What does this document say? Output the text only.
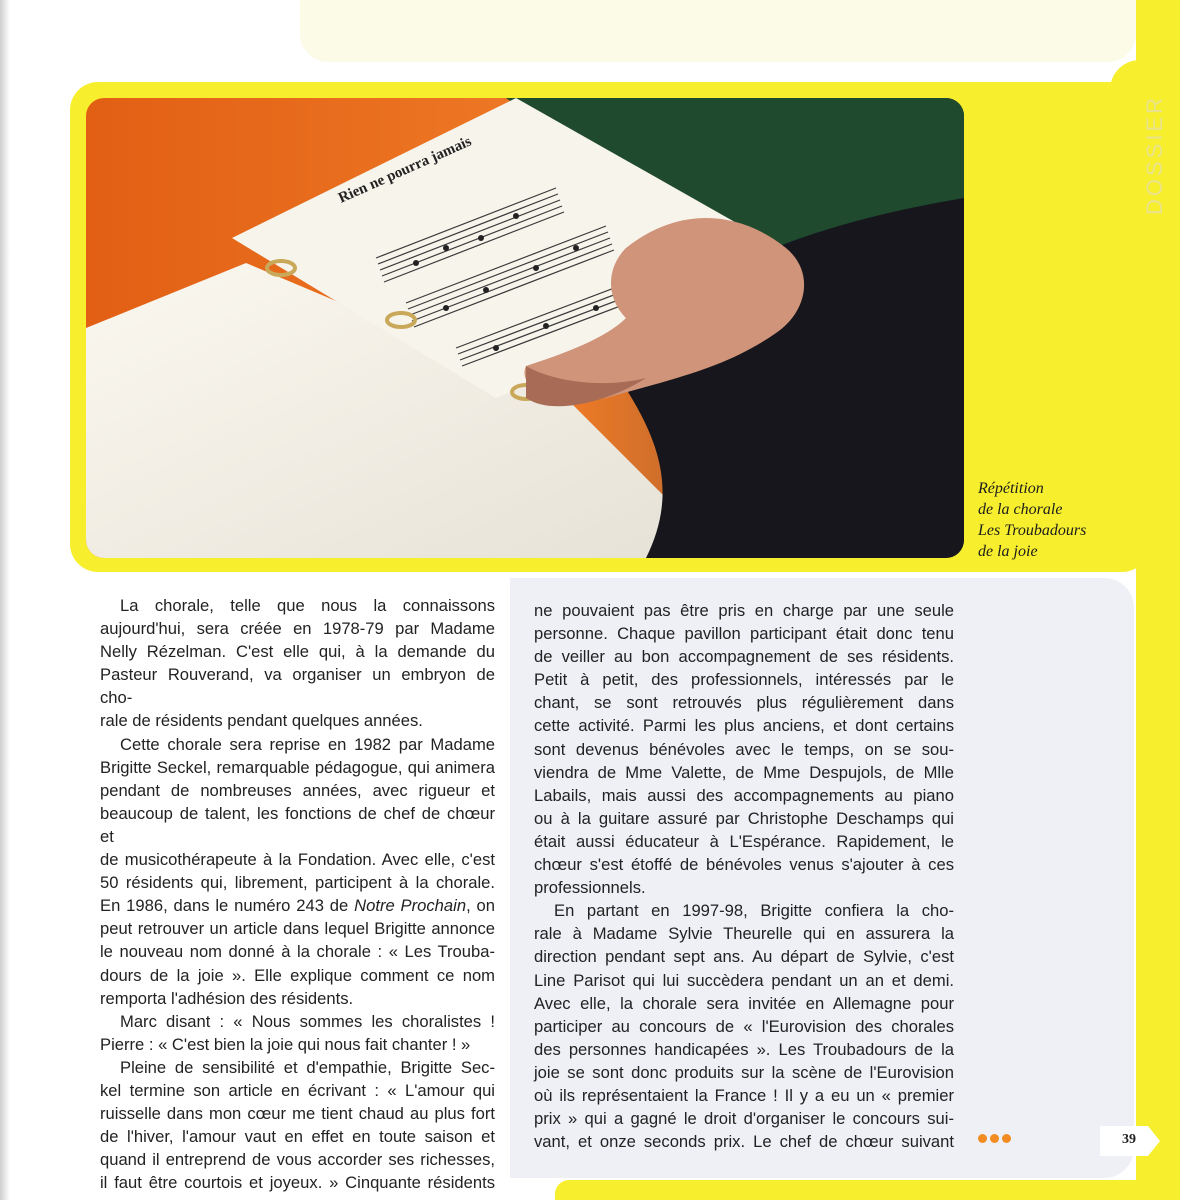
DOSSIER
Rien ne pourra jamais
Répétition
de la chorale
Les Troubadours
de la joie

La chorale, telle que nous la connaissons

aujourd'hui, sera créée en 1978-79 par Madame
Nelly Rézelman. C'est elle qui, à la demande du
Pasteur Rouverand, va organiser un embryon de cho-
rale de résidents pendant quelques années.

Cette chorale sera reprise en 1982 par Madame

Brigitte Seckel, remarquable pédagogue, qui animera
pendant de nombreuses années, avec rigueur et
beaucoup de talent, les fonctions de chef de chœur et
de musicothérapeute à la Fondation. Avec elle, c'est
50 résidents qui, librement, participent à la chorale.
En 1986, dans le numéro 243 de Notre Prochain, on
peut retrouver un article dans lequel Brigitte annonce
le nouveau nom donné à la chorale : « Les Trouba-
dours de la joie ». Elle explique comment ce nom
remporta l'adhésion des résidents.

Marc disant : « Nous sommes les choralistes !

Pierre : « C'est bien la joie qui nous fait chanter ! »

Pleine de sensibilité et d'empathie, Brigitte Sec-

kel termine son article en écrivant : « L'amour qui
ruisselle dans mon cœur me tient chaud au plus fort
de l'hiver, l'amour vaut en effet en toute saison et
quand il entreprend de vous accorder ses richesses,
il faut être courtois et joyeux. » Cinquante résidents
ne pouvaient pas être pris en charge par une seule
personne. Chaque pavillon participant était donc tenu
de veiller au bon accompagnement de ses résidents.
Petit à petit, des professionnels, intéressés par le
chant, se sont retrouvés plus régulièrement dans
cette activité. Parmi les plus anciens, et dont certains
sont devenus bénévoles avec le temps, on se sou-
viendra de Mme Valette, de Mme Despujols, de Mlle
Labails, mais aussi des accompagnements au piano
ou à la guitare assuré par Christophe Deschamps qui
était aussi éducateur à L'Espérance. Rapidement, le
chœur s'est étoffé de bénévoles venus s'ajouter à ces
professionnels.

En partant en 1997-98, Brigitte confiera la cho-

rale à Madame Sylvie Theurelle qui en assurera la
direction pendant sept ans. Au départ de Sylvie, c'est
Line Parisot qui lui succèdera pendant un an et demi.
Avec elle, la chorale sera invitée en Allemagne pour
participer au concours de « l'Eurovision des chorales
des personnes handicapées ». Les Troubadours de la
joie se sont donc produits sur la scène de l'Eurovision
où ils représentaient la France ! Il y a eu un « premier
prix » qui a gagné le droit d'organiser le concours sui-
vant, et onze seconds prix. Le chef de chœur suivant	39
